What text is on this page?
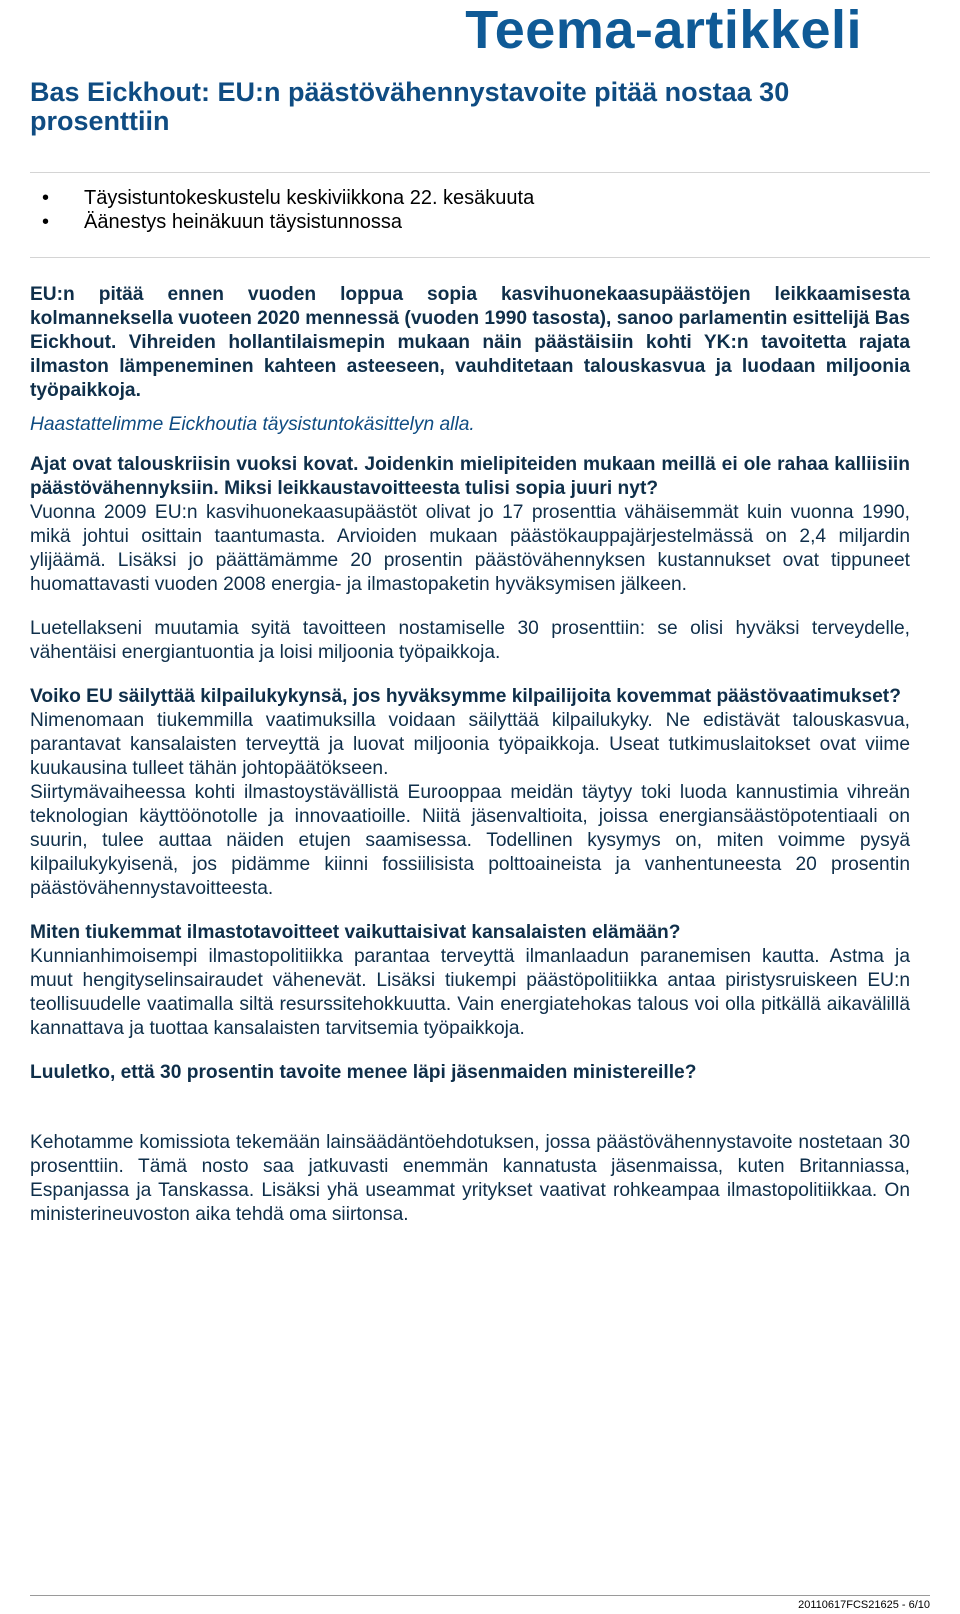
Teema-artikkeli
Bas Eickhout: EU:n päästövähennystavoite pitää nostaa 30 prosenttiin
• Täysistuntokeskustelu keskiviikkona 22. kesäkuuta
• Äänestys heinäkuun täysistunnossa

EU:n pitää ennen vuoden loppua sopia kasvihuonekaasupäästöjen leikkaamisesta kolmanneksella vuoteen 2020 mennessä (vuoden 1990 tasosta), sanoo parlamentin esittelijä Bas Eickhout. Vihreiden hollantilaismepin mukaan näin päästäisiin kohti YK:n tavoitetta rajata ilmaston lämpeneminen kahteen asteeseen, vauhditetaan talouskasvua ja luodaan miljoonia työpaikkoja.

Haastattelimme Eickhoutia täysistuntokäsittelyn alla.

Ajat ovat talouskriisin vuoksi kovat. Joidenkin mielipiteiden mukaan meillä ei ole rahaa kalliisiin päästövähennyksiin. Miksi leikkaustavoitteesta tulisi sopia juuri nyt?

Vuonna 2009 EU:n kasvihuonekaasupäästöt olivat jo 17 prosenttia vähäisemmät kuin vuonna 1990, mikä johtui osittain taantumasta. Arvioiden mukaan päästökauppajärjestelmässä on 2,4 miljardin ylijäämä. Lisäksi jo päättämämme 20 prosentin päästövähennyksen kustannukset ovat tippuneet huomattavasti vuoden 2008 energia- ja ilmastopaketin hyväksymisen jälkeen.

Luetellakseni muutamia syitä tavoitteen nostamiselle 30 prosenttiin: se olisi hyväksi terveydelle, vähentäisi energiantuontia ja loisi miljoonia työpaikkoja.

Voiko EU säilyttää kilpailukykynsä, jos hyväksymme kilpailijoita kovemmat päästövaatimukset?

Nimenomaan tiukemmilla vaatimuksilla voidaan säilyttää kilpailukyky. Ne edistävät talouskasvua, parantavat kansalaisten terveyttä ja luovat miljoonia työpaikkoja. Useat tutkimuslaitokset ovat viime kuukausina tulleet tähän johtopäätökseen.

Siirtymävaiheessa kohti ilmastoystävällistä Eurooppaa meidän täytyy toki luoda kannustimia vihreän teknologian käyttöönotolle ja innovaatioille. Niitä jäsenvaltioita, joissa energiansäästöpotentiaali on suurin, tulee auttaa näiden etujen saamisessa. Todellinen kysymys on, miten voimme pysyä kilpailukykyisenä, jos pidämme kiinni fossiilisista polttoaineista ja vanhentuneesta 20 prosentin päästövähennystavoitteesta.

Miten tiukemmat ilmastotavoitteet vaikuttaisivat kansalaisten elämään?

Kunnianhimoisempi ilmastopolitiikka parantaa terveyttä ilmanlaadun paranemisen kautta. Astma ja muut hengityselinsairaudet vähenevät. Lisäksi tiukempi päästöpolitiikka antaa piristysruiskeen EU:n teollisuudelle vaatimalla siltä resurssitehokkuutta. Vain energiatehokas talous voi olla pitkällä aikavälillä kannattava ja tuottaa kansalaisten tarvitsemia työpaikkoja.

Luuletko, että 30 prosentin tavoite menee läpi jäsenmaiden ministereille?

Kehotamme komissiota tekemään lainsäädäntöehdotuksen, jossa päästövähennystavoite nostetaan 30 prosenttiin. Tämä nosto saa jatkuvasti enemmän kannatusta jäsenmaissa, kuten Britanniassa, Espanjassa ja Tanskassa. Lisäksi yhä useammat yritykset vaativat rohkeampaa ilmastopolitiikkaa. On ministerineuvoston aika tehdä oma siirtonsa.

20110617FCS21625 - 6/10
